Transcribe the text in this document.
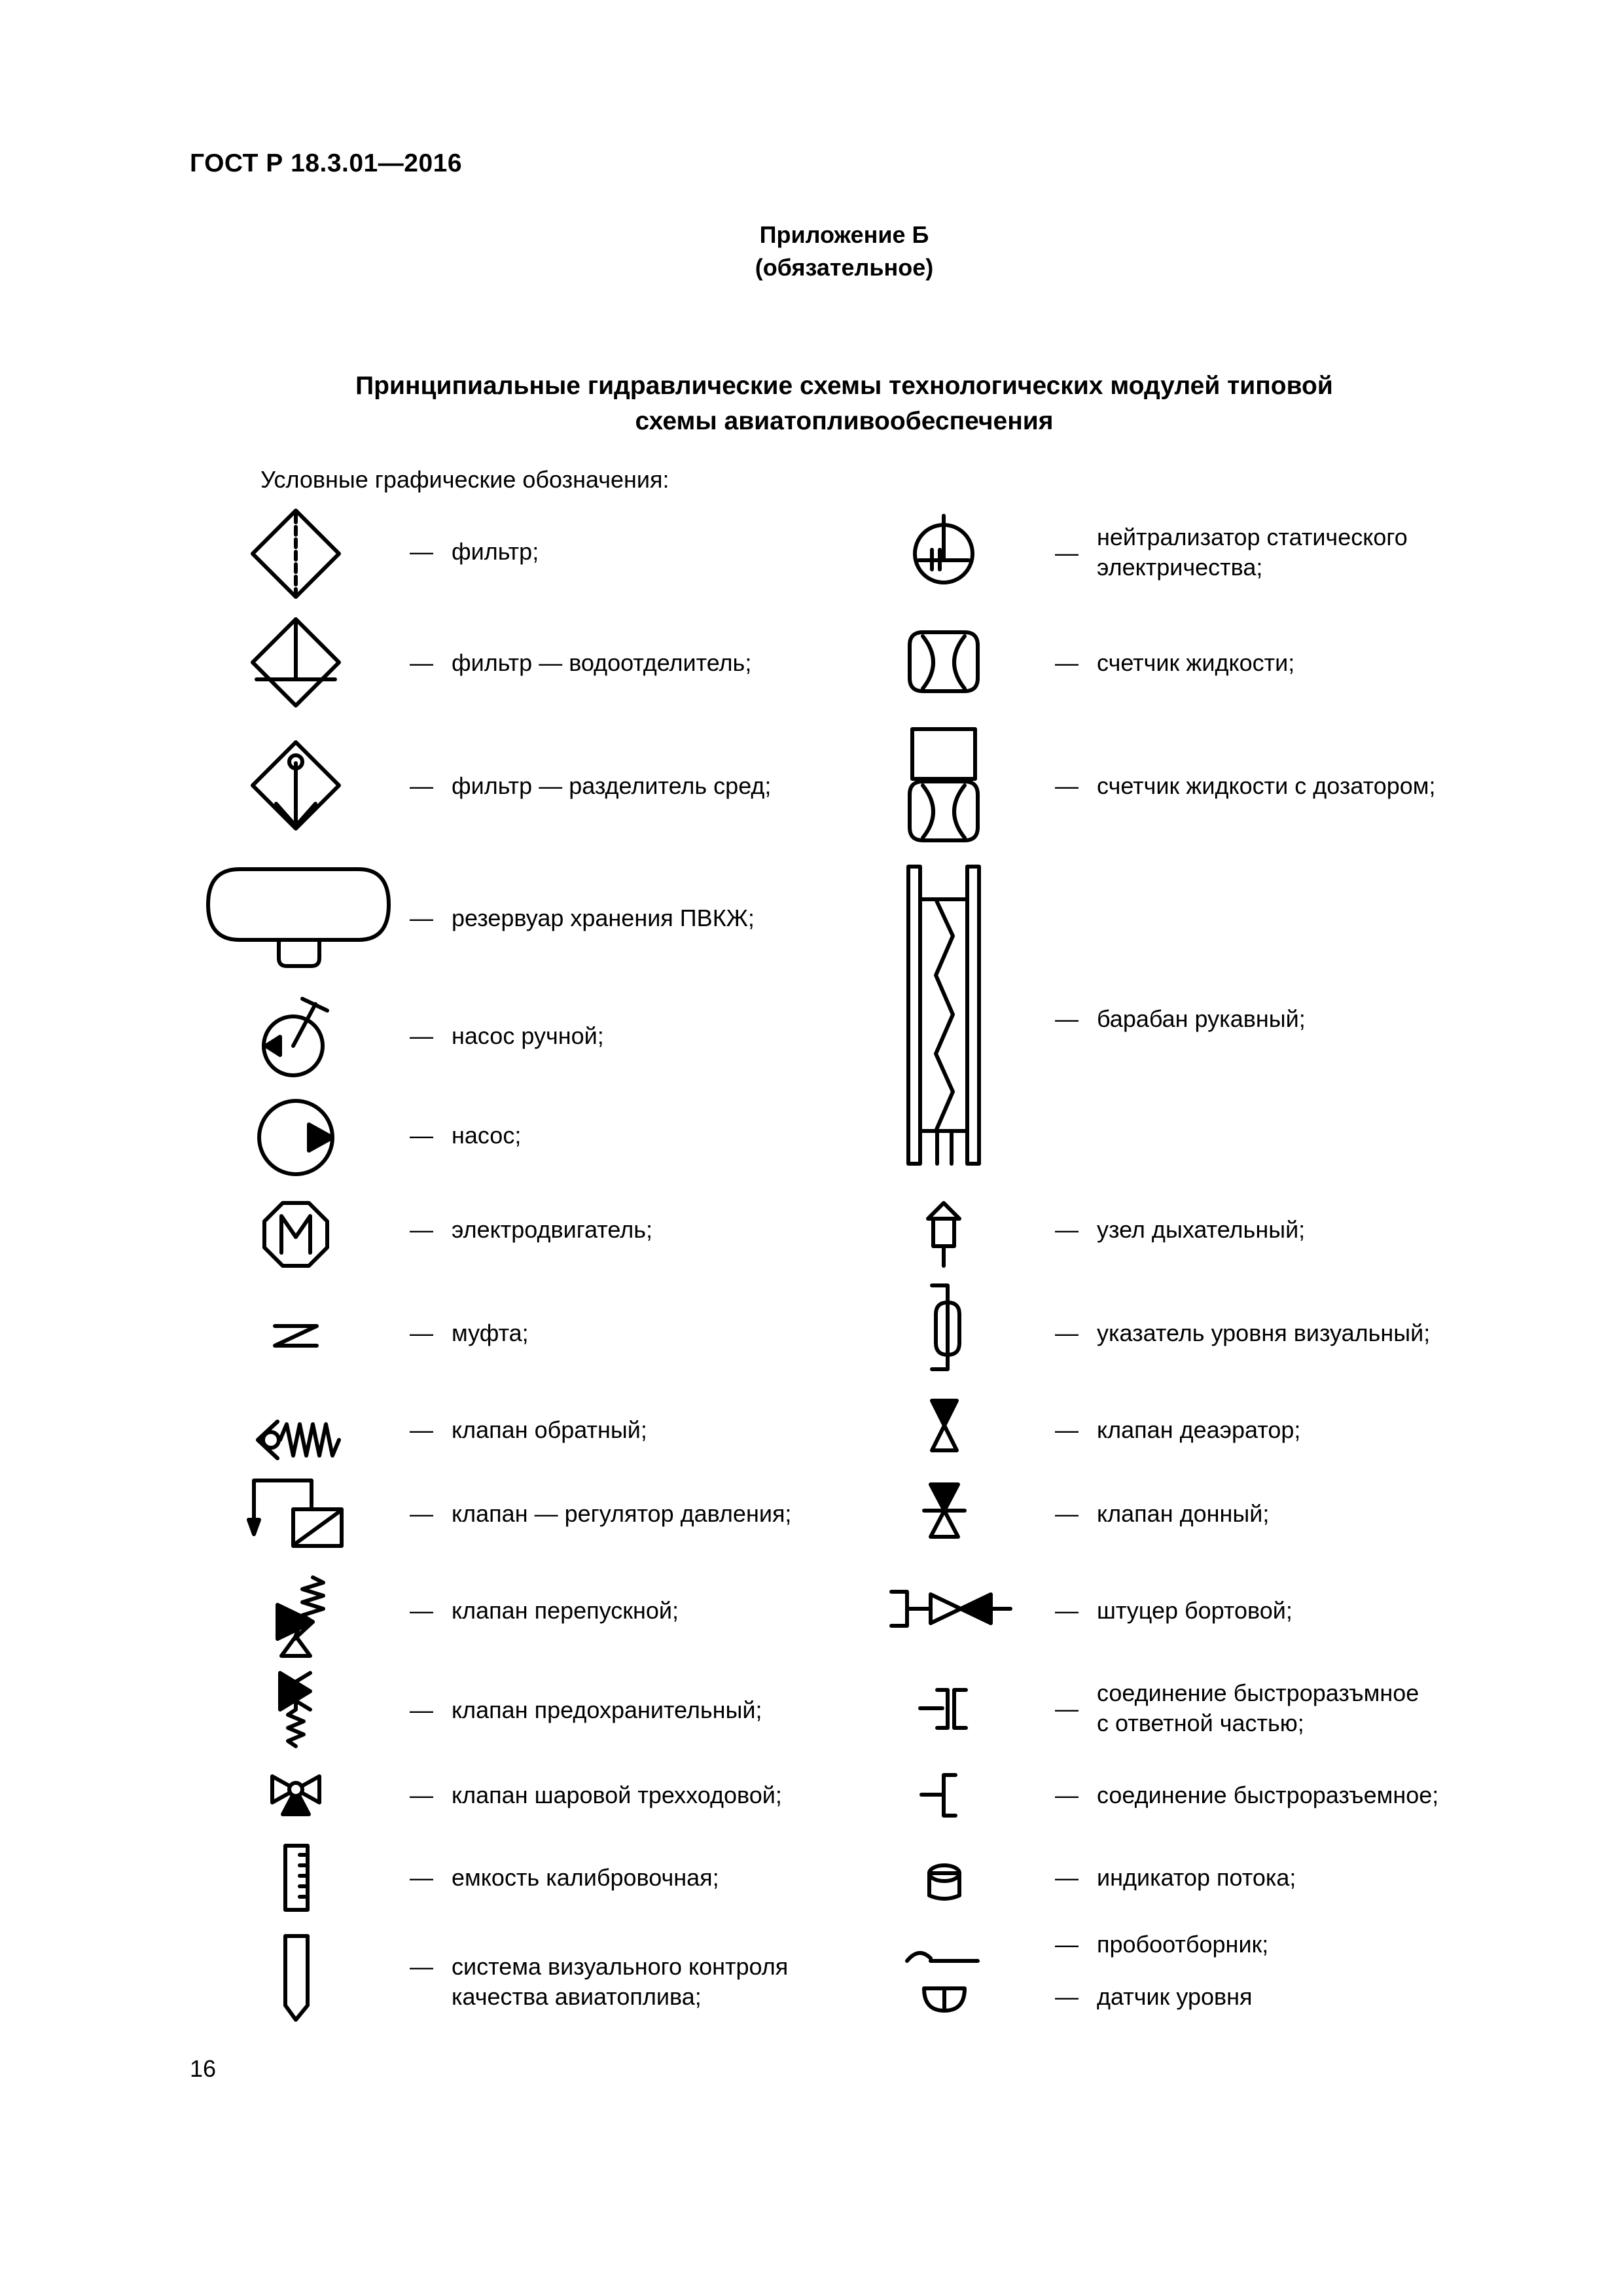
ГОСТ Р 18.3.01—2016
Приложение Б
(обязательное)
Принципиальные гидравлические схемы технологических модулей типовой
схемы авиатопливообеспечения
Условные графические обозначения:
— фильтр;
— фильтр — водоотделитель;
— фильтр — разделитель сред;
— резервуар хранения ПВКЖ;
— насос ручной;
— насос;
— электродвигатель;
— муфта;
— клапан обратный;
— клапан — регулятор давления;
— клапан перепускной;
— клапан предохранительный;
— клапан шаровой трехходовой;
— емкость калибровочная;
— система визуального контроля
качества авиатоплива;
—
нейтрализатор статического
электричества;
— счетчик жидкости;
— счетчик жидкости с дозатором;
— барабан рукавный;
— узел дыхательный;
— указатель уровня визуальный;
— клапан деаэратор;
— клапан донный;
— штуцер бортовой;
—
соединение быстроразъмное
с ответной частью;
— соединение быстроразъемное;
— индикатор потока;
— пробоотборник;
— датчик уровня
16
